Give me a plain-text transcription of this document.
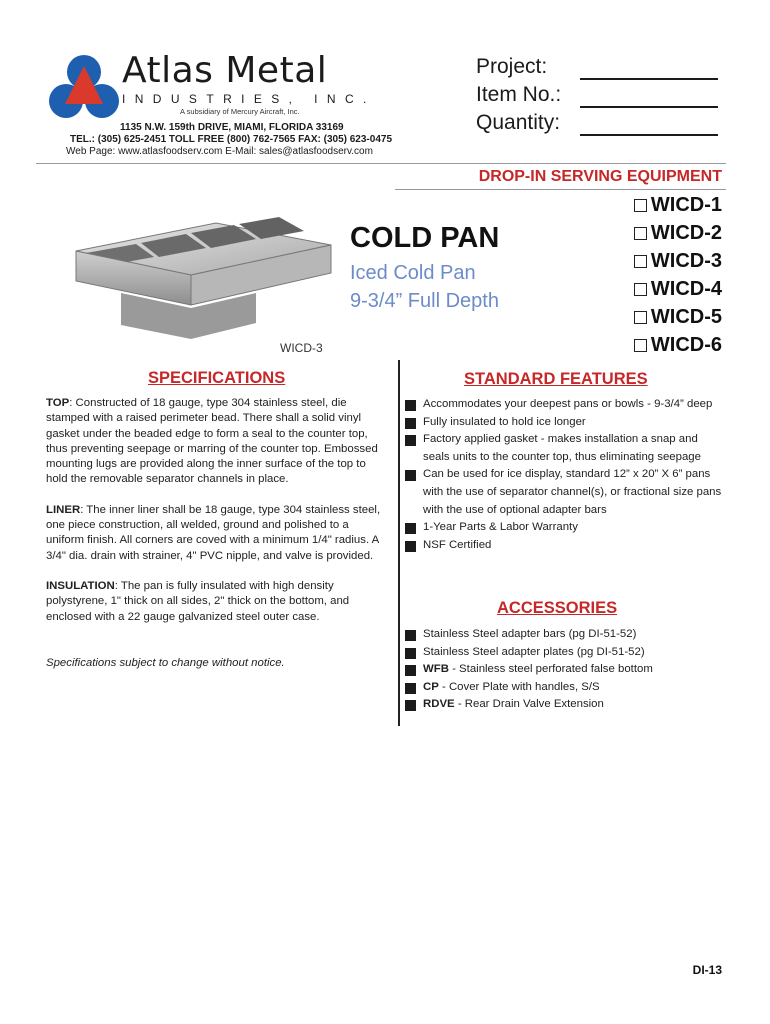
Atlas Metal
INDUSTRIES, INC.
A subsidiary of Mercury Aircraft, Inc.
1135 N.W. 159th DRIVE, MIAMI, FLORIDA 33169
TEL.: (305) 625-2451 TOLL FREE (800) 762-7565 FAX: (305) 623-0475
Web Page: www.atlasfoodserv.com E-Mail: sales@atlasfoodserv.com
Project:
Item No.:
Quantity:
DROP-IN SERVING EQUIPMENT
WICD-3
COLD PAN
Iced Cold Pan
9-3/4” Full Depth
WICD-1
WICD-2
WICD-3
WICD-4
WICD-5
WICD-6
SPECIFICATIONS

TOP: Constructed of 18 gauge, type 304 stainless steel, die stamped with a raised perimeter bead. There shall a solid vinyl gasket under the beaded edge to form a seal to the counter top, thus preventing seepage or marring of the counter top. Embossed mounting lugs are provided along the inner surface of the top to hold the removable separator channels in place.

LINER: The inner liner shall be 18 gauge, type 304 stainless steel, one piece construction, all welded, ground and polished to a uniform finish. All corners are coved with a minimum 1/4" radius. A 3/4" dia. drain with strainer, 4" PVC nipple, and valve is provided.

INSULATION: The pan is fully insulated with high density polystyrene, 1" thick on all sides, 2" thick on the bottom, and enclosed with a 22 gauge galvanized steel outer case.

Specifications subject to change without notice.

STANDARD FEATURES
Accommodates your deepest pans or bowls - 9-3/4” deep
Fully insulated to hold ice longer
Factory applied gasket - makes installation a snap and seals units to the counter top, thus eliminating seepage
Can be used for ice display, standard 12” x 20” X 6” pans with the use of separator channel(s), or fractional size pans with the use of optional adapter bars
1-Year Parts & Labor Warranty
NSF Certified
ACCESSORIES
Stainless Steel adapter bars (pg DI-51-52)
Stainless Steel adapter plates (pg DI-51-52)
WFB - Stainless steel perforated false bottom
CP - Cover Plate with handles, S/S
RDVE - Rear Drain Valve Extension
DI-13
